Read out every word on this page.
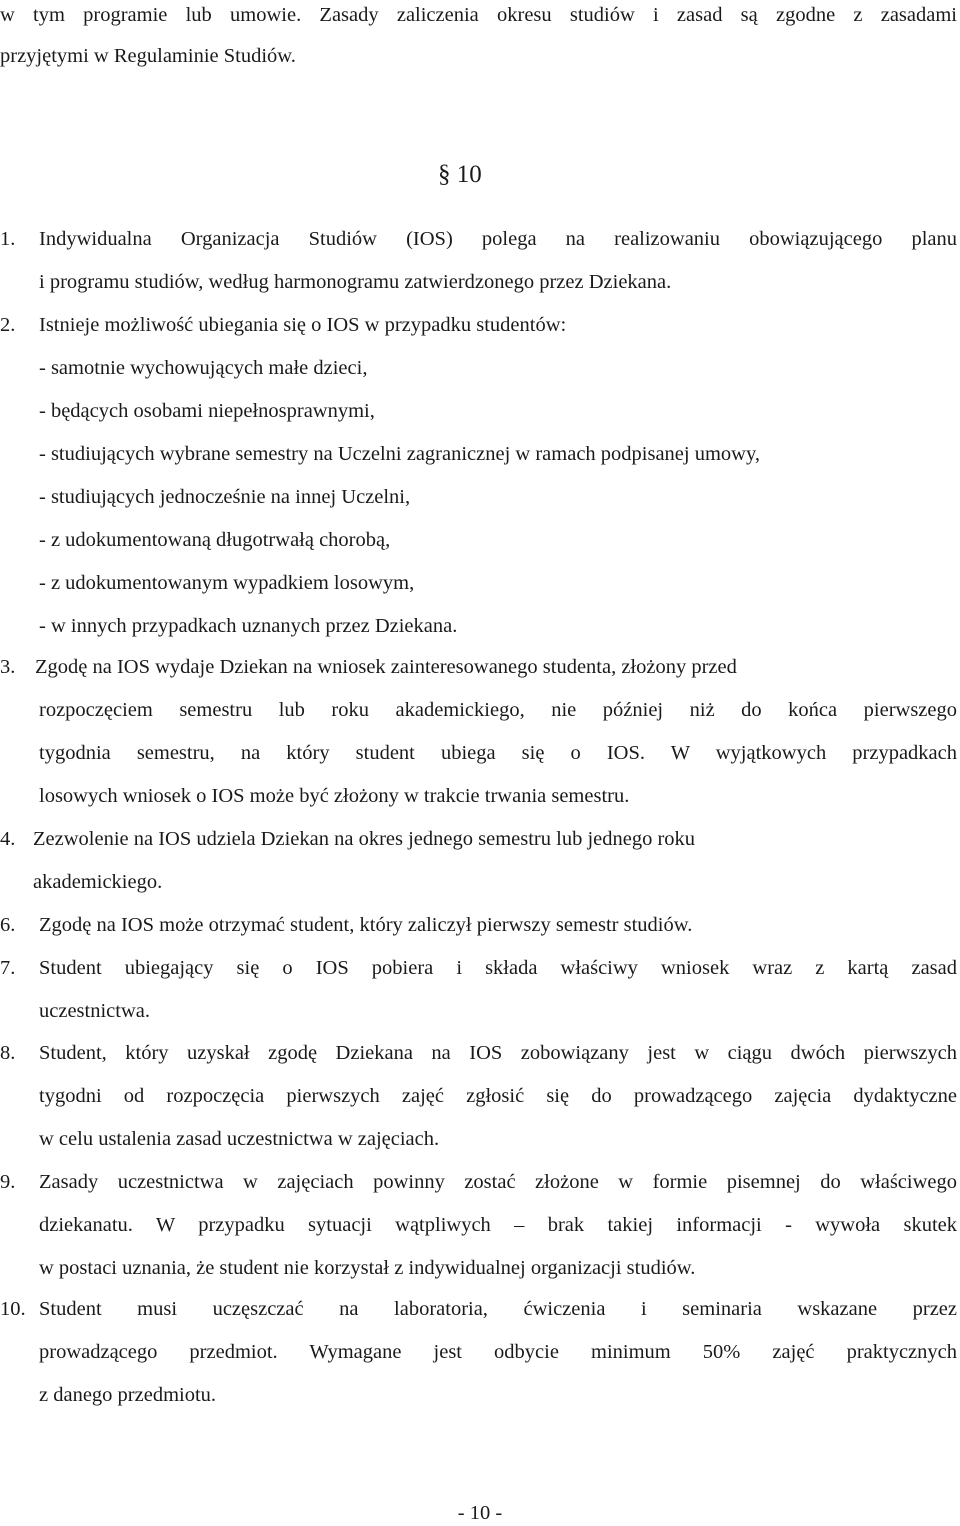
w tym programie lub umowie. Zasady zaliczenia okresu studiów i zasad są zgodne z zasadami
przyjętymi w Regulaminie Studiów.
§ 10
1. Indywidualna Organizacja Studiów (IOS) polega na realizowaniu obowiązującego planu
i programu studiów, według harmonogramu zatwierdzonego przez Dziekana.
2. Istnieje możliwość ubiegania się o IOS w przypadku studentów:
- samotnie wychowujących małe dzieci,
- będących osobami niepełnosprawnymi,
- studiujących wybrane semestry na Uczelni zagranicznej w ramach podpisanej umowy,
- studiujących jednocześnie na innej Uczelni,
- z udokumentowaną długotrwałą chorobą,
- z udokumentowanym wypadkiem losowym,
- w innych przypadkach uznanych przez Dziekana.
3. Zgodę na IOS wydaje Dziekan na wniosek zainteresowanego studenta, złożony przed
rozpoczęciem semestru lub roku akademickiego, nie później niż do końca pierwszego
tygodnia semestru, na który student ubiega się o IOS. W wyjątkowych przypadkach
losowych wniosek o IOS może być złożony w trakcie trwania semestru.
4. Zezwolenie na IOS udziela Dziekan na okres jednego semestru lub jednego roku
akademickiego.
6. Zgodę na IOS może otrzymać student, który zaliczył pierwszy semestr studiów.
7. Student ubiegający się o IOS pobiera i składa właściwy wniosek wraz z kartą zasad
uczestnictwa.
8. Student, który uzyskał zgodę Dziekana na IOS zobowiązany jest w ciągu dwóch pierwszych
tygodni od rozpoczęcia pierwszych zajęć zgłosić się do prowadzącego zajęcia dydaktyczne
w celu ustalenia zasad uczestnictwa w zajęciach.
9. Zasady uczestnictwa w zajęciach powinny zostać złożone w formie pisemnej do właściwego
dziekanatu. W przypadku sytuacji wątpliwych – brak takiej informacji - wywoła skutek
w postaci uznania, że student nie korzystał z indywidualnej organizacji studiów.
10. Student musi uczęszczać na laboratoria, ćwiczenia i seminaria wskazane przez
prowadzącego przedmiot. Wymagane jest odbycie minimum 50% zajęć praktycznych
z danego przedmiotu.
- 10 -
